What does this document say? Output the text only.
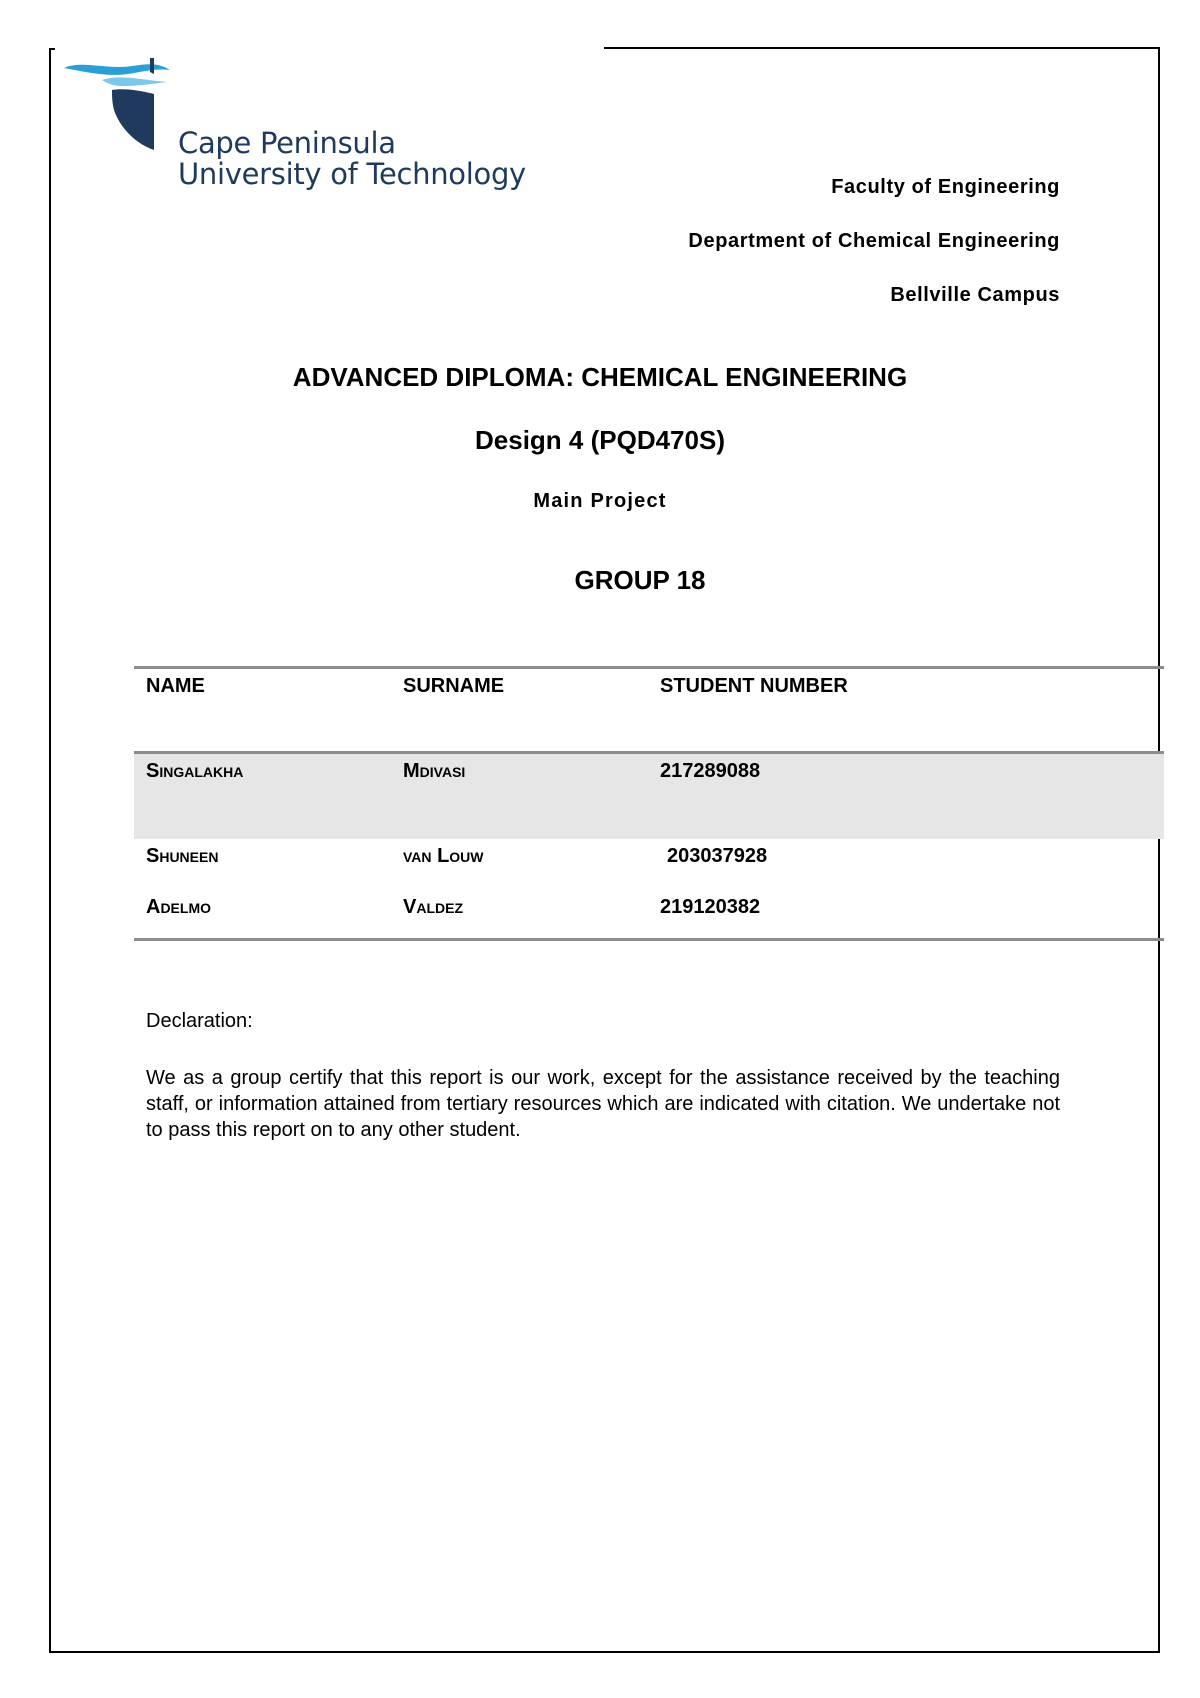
Cape Peninsula
University of Technology	Faculty of Engineering
Department of Chemical Engineering
Bellville Campus
ADVANCED DIPLOMA: CHEMICAL ENGINEERING
Design 4 (PQD470S)
Main Project
GROUP 18
NAME	SURNAME	STUDENT NUMBER
Singalakha	Mdivasi	217289088
Shuneen	van Louw	203037928
Adelmo	Valdez	219120382
Declaration:
We as a group certify that this report is our work, except for the assistance received by the teaching staff, or information attained from tertiary resources which are indicated with citation. We undertake not to pass this report on to any other student.
